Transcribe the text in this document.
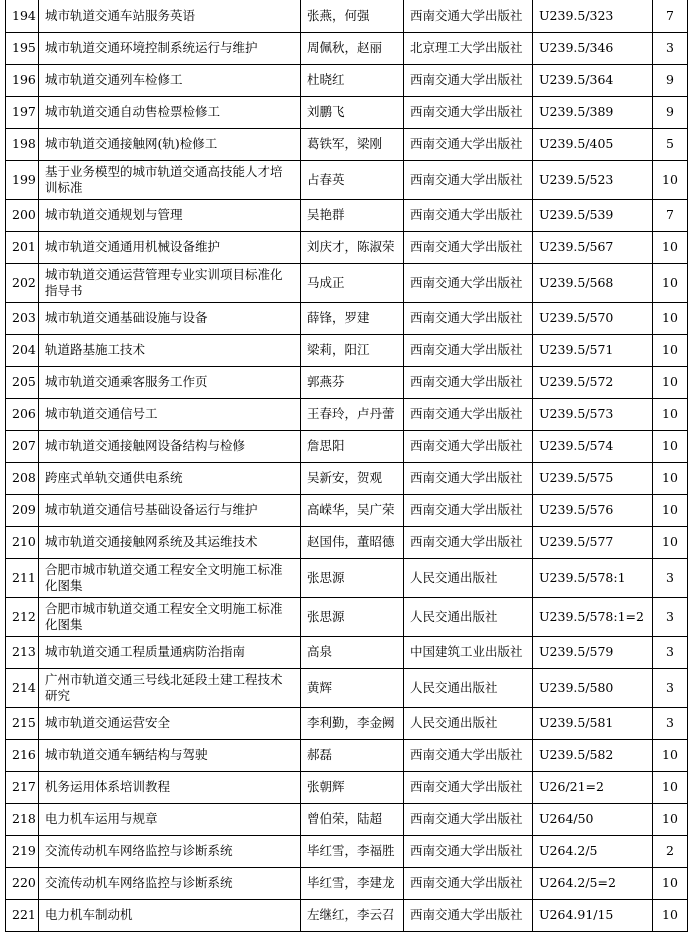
194	城市轨道交通车站服务英语	张燕，何强	西南交通大学出版社	U239.5/323	7
195	城市轨道交通环境控制系统运行与维护	周佩秋，赵丽	北京理工大学出版社	U239.5/346	3
196	城市轨道交通列车检修工	杜晓红	西南交通大学出版社	U239.5/364	9
197	城市轨道交通自动售检票检修工	刘鹏飞	西南交通大学出版社	U239.5/389	9
198	城市轨道交通接触网(轨)检修工	葛铁军，梁刚	西南交通大学出版社	U239.5/405	5
199	基于业务模型的城市轨道交通高技能人才培训标准	占春英	西南交通大学出版社	U239.5/523	10
200	城市轨道交通规划与管理	吴艳群	西南交通大学出版社	U239.5/539	7
201	城市轨道交通通用机械设备维护	刘庆才，陈淑荣	西南交通大学出版社	U239.5/567	10
202	城市轨道交通运营管理专业实训项目标准化指导书	马成正	西南交通大学出版社	U239.5/568	10
203	城市轨道交通基础设施与设备	薛锋，罗建	西南交通大学出版社	U239.5/570	10
204	轨道路基施工技术	梁莉，阳江	西南交通大学出版社	U239.5/571	10
205	城市轨道交通乘客服务工作页	郭燕芬	西南交通大学出版社	U239.5/572	10
206	城市轨道交通信号工	王春玲，卢丹蕾	西南交通大学出版社	U239.5/573	10
207	城市轨道交通接触网设备结构与检修	詹思阳	西南交通大学出版社	U239.5/574	10
208	跨座式单轨交通供电系统	吴新安，贺观	西南交通大学出版社	U239.5/575	10
209	城市轨道交通信号基础设备运行与维护	高嵘华，吴广荣	西南交通大学出版社	U239.5/576	10
210	城市轨道交通接触网系统及其运维技术	赵国伟，董昭德	西南交通大学出版社	U239.5/577	10
211	合肥市城市轨道交通工程安全文明施工标准化图集	张思源	人民交通出版社	U239.5/578:1	3
212	合肥市城市轨道交通工程安全文明施工标准化图集	张思源	人民交通出版社	U239.5/578:1=2	3
213	城市轨道交通工程质量通病防治指南	高泉	中国建筑工业出版社	U239.5/579	3
214	广州市轨道交通三号线北延段土建工程技术研究	黄辉	人民交通出版社	U239.5/580	3
215	城市轨道交通运营安全	李利勤，李金阙	人民交通出版社	U239.5/581	3
216	城市轨道交通车辆结构与驾驶	郝磊	西南交通大学出版社	U239.5/582	10
217	机务运用体系培训教程	张朝辉	西南交通大学出版社	U26/21=2	10
218	电力机车运用与规章	曾伯荣，陆超	西南交通大学出版社	U264/50	10
219	交流传动机车网络监控与诊断系统	毕红雪，李福胜	西南交通大学出版社	U264.2/5	2
220	交流传动机车网络监控与诊断系统	毕红雪，李建龙	西南交通大学出版社	U264.2/5=2	10
221	电力机车制动机	左继红，李云召	西南交通大学出版社	U264.91/15	10
